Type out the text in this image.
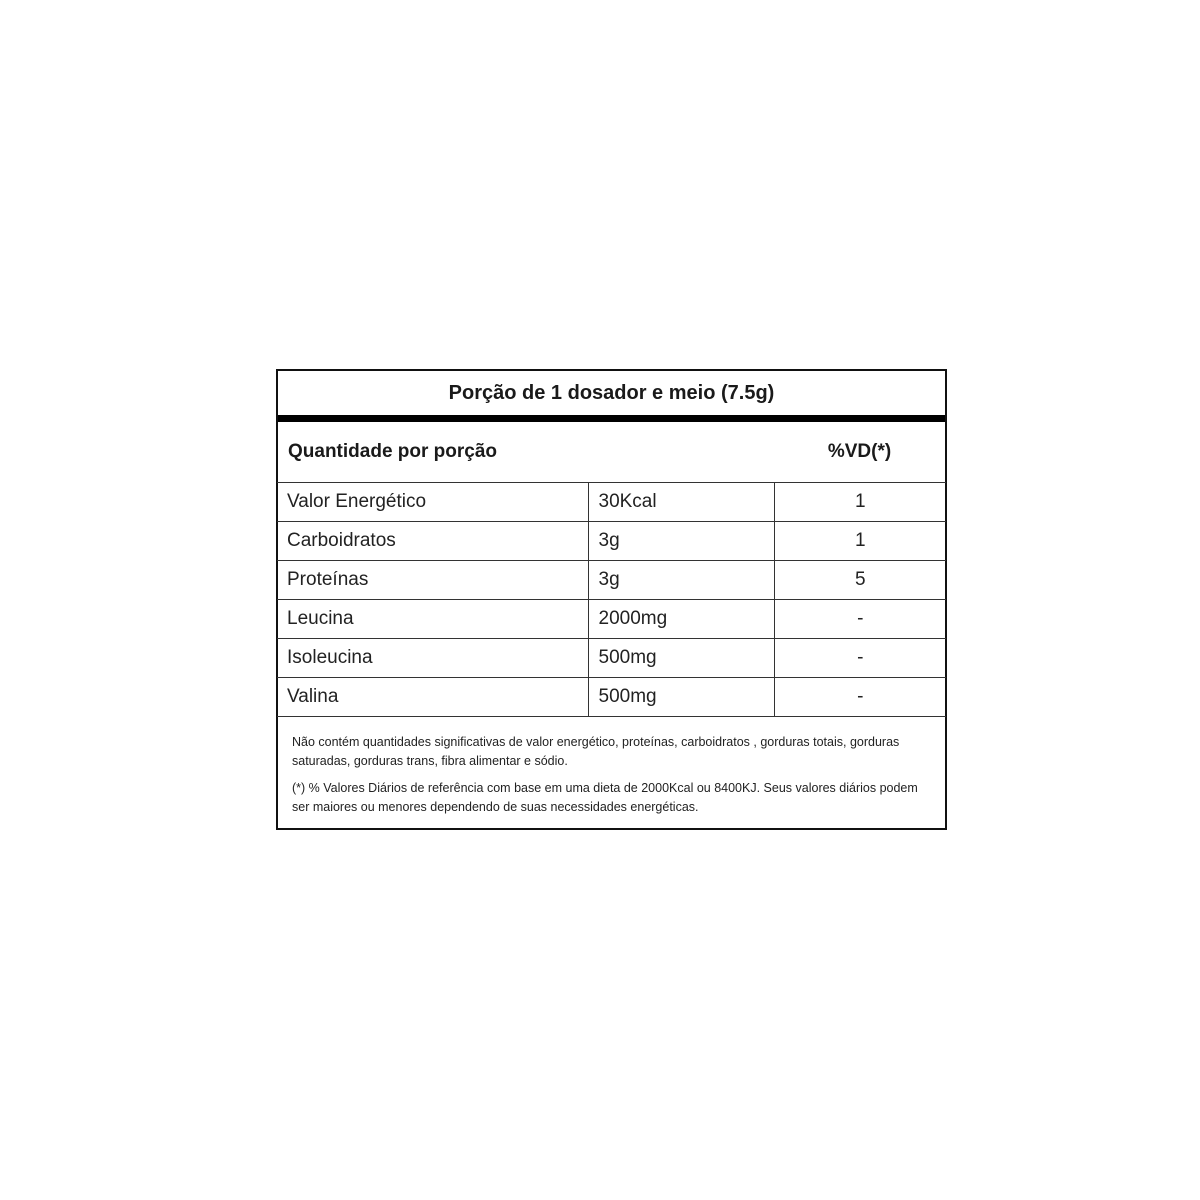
Porção de 1 dosador e meio (7.5g)
Quantidade por porção	%VD(*)
Valor Energético	30Kcal	1
Carboidratos	3g	1
Proteínas	3g	5
Leucina	2000mg	-
Isoleucina	500mg	-
Valina	500mg	-

Não contém quantidades significativas de valor energético, proteínas, carboidratos , gorduras totais, gorduras saturadas, gorduras trans, fibra alimentar e sódio.

(*) % Valores Diários de referência com base em uma dieta de 2000Kcal ou 8400KJ. Seus valores diários podem ser maiores ou menores dependendo de suas necessidades energéticas.
